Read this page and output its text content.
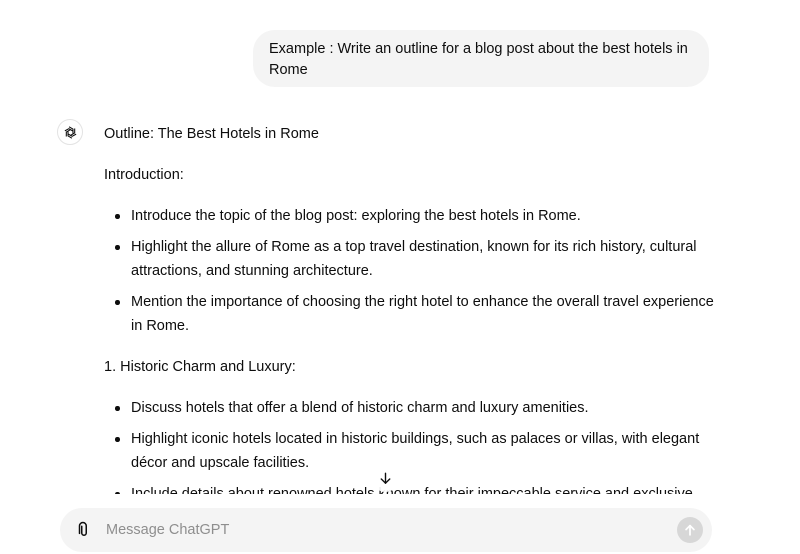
Example : Write an outline for a blog post about the best hotels in Rome

Outline: The Best Hotels in Rome

Introduction:

Introduce the topic of the blog post: exploring the best hotels in Rome.
Highlight the allure of Rome as a top travel destination, known for its rich history, cultural attractions, and stunning architecture.
Mention the importance of choosing the right hotel to enhance the overall travel experience in Rome.

1. Historic Charm and Luxury:

Discuss hotels that offer a blend of historic charm and luxury amenities.
Highlight iconic hotels located in historic buildings, such as palaces or villas, with elegant décor and upscale facilities.
Message ChatGPT
